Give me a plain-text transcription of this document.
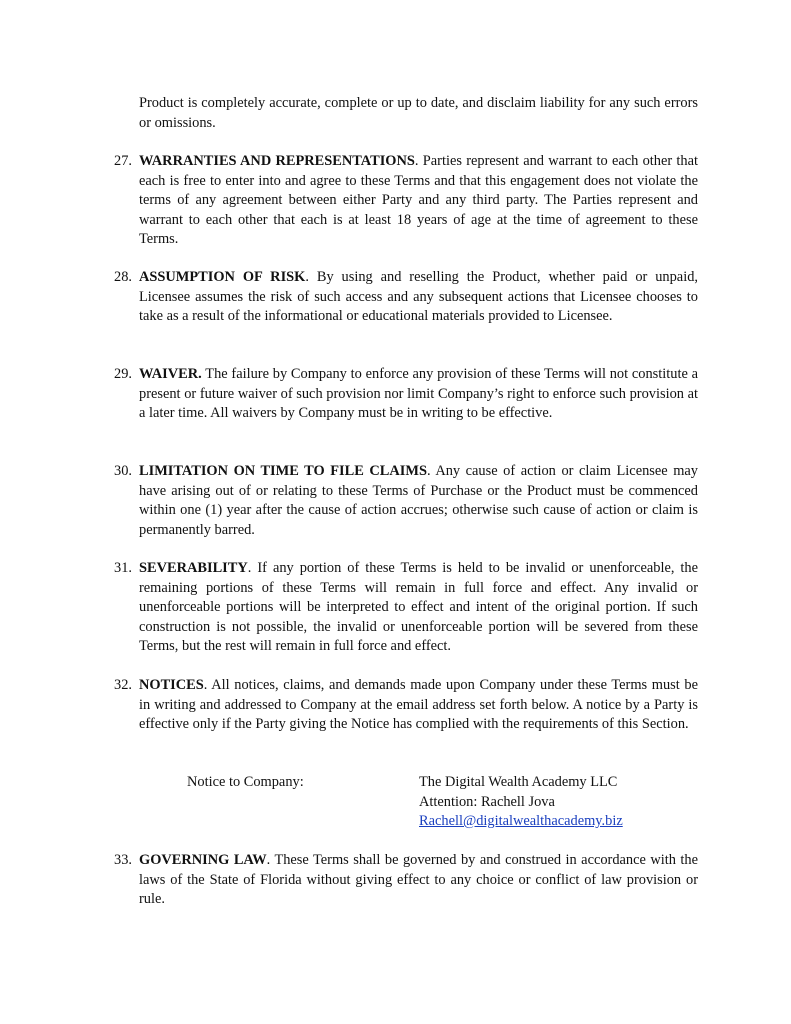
Product is completely accurate, complete or up to date, and disclaim liability for any such errors or omissions.

27. WARRANTIES AND REPRESENTATIONS. Parties represent and warrant to each other that each is free to enter into and agree to these Terms and that this engagement does not violate the terms of any agreement between either Party and any third party. The Parties represent and warrant to each other that each is at least 18 years of age at the time of agreement to these Terms.

28. ASSUMPTION OF RISK. By using and reselling the Product, whether paid or unpaid, Licensee assumes the risk of such access and any subsequent actions that Licensee chooses to take as a result of the informational or educational materials provided to Licensee.

29. WAIVER. The failure by Company to enforce any provision of these Terms will not constitute a present or future waiver of such provision nor limit Company’s right to enforce such provision at a later time. All waivers by Company must be in writing to be effective.

30. LIMITATION ON TIME TO FILE CLAIMS. Any cause of action or claim Licensee may have arising out of or relating to these Terms of Purchase or the Product must be commenced within one (1) year after the cause of action accrues; otherwise such cause of action or claim is permanently barred.

31. SEVERABILITY. If any portion of these Terms is held to be invalid or unenforceable, the remaining portions of these Terms will remain in full force and effect. Any invalid or unenforceable portions will be interpreted to effect and intent of the original portion. If such construction is not possible, the invalid or unenforceable portion will be severed from these Terms, but the rest will remain in full force and effect.

32. NOTICES. All notices, claims, and demands made upon Company under these Terms must be in writing and addressed to Company at the email address set forth below. A notice by a Party is effective only if the Party giving the Notice has complied with the requirements of this Section.

Notice to Company:	The Digital Wealth Academy LLC
Attention: Rachell Jova
Rachell@digitalwealthacademy.biz

33. GOVERNING LAW. These Terms shall be governed by and construed in accordance with the laws of the State of Florida without giving effect to any choice or conflict of law provision or rule.
